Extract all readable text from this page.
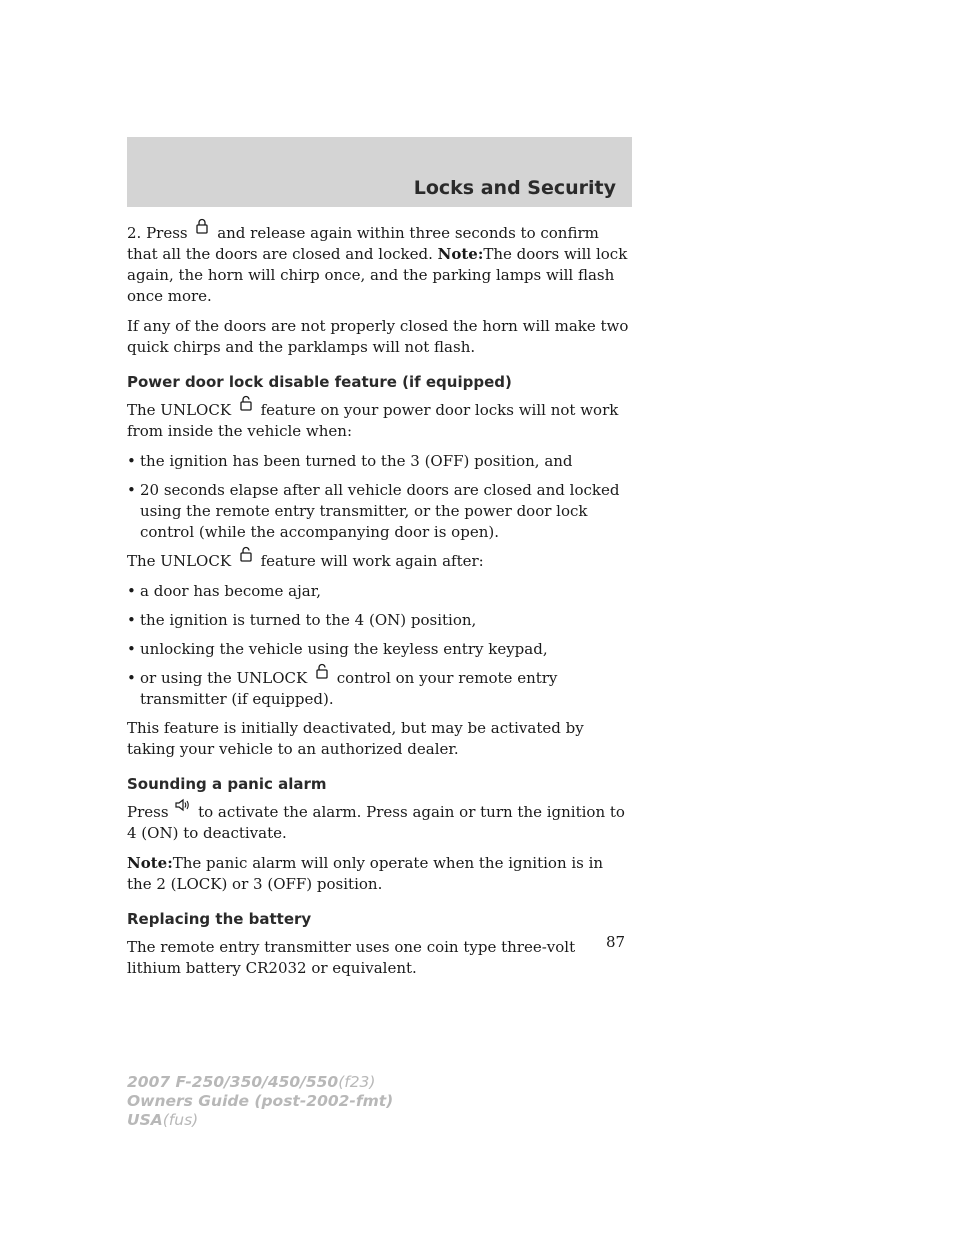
Locks and Security

2. Press and release again within three seconds to confirm that all the doors are closed and locked. Note:The doors will lock again, the horn will chirp once, and the parking lamps will flash once more.

If any of the doors are not properly closed the horn will make two quick chirps and the parklamps will not flash.

Power door lock disable feature (if equipped)

The UNLOCK feature on your power door locks will not work from inside the vehicle when:

• the ignition has been turned to the 3 (OFF) position, and
• 20 seconds elapse after all vehicle doors are closed and locked using the remote entry transmitter, or the power door lock control (while the accompanying door is open).

The UNLOCK feature will work again after:

• a door has become ajar,
• the ignition is turned to the 4 (ON) position,
• unlocking the vehicle using the keyless entry keypad,
• or using the UNLOCK control on your remote entry transmitter (if equipped).

This feature is initially deactivated, but may be activated by taking your vehicle to an authorized dealer.

Sounding a panic alarm

Press to activate the alarm. Press again or turn the ignition to 4 (ON) to deactivate.

Note:The panic alarm will only operate when the ignition is in the 2 (LOCK) or 3 (OFF) position.

Replacing the battery

The remote entry transmitter uses one coin type three-volt lithium battery CR2032 or equivalent.

87
2007 F-250/350/450/550(f23)
Owners Guide (post-2002-fmt)
USA(fus)
